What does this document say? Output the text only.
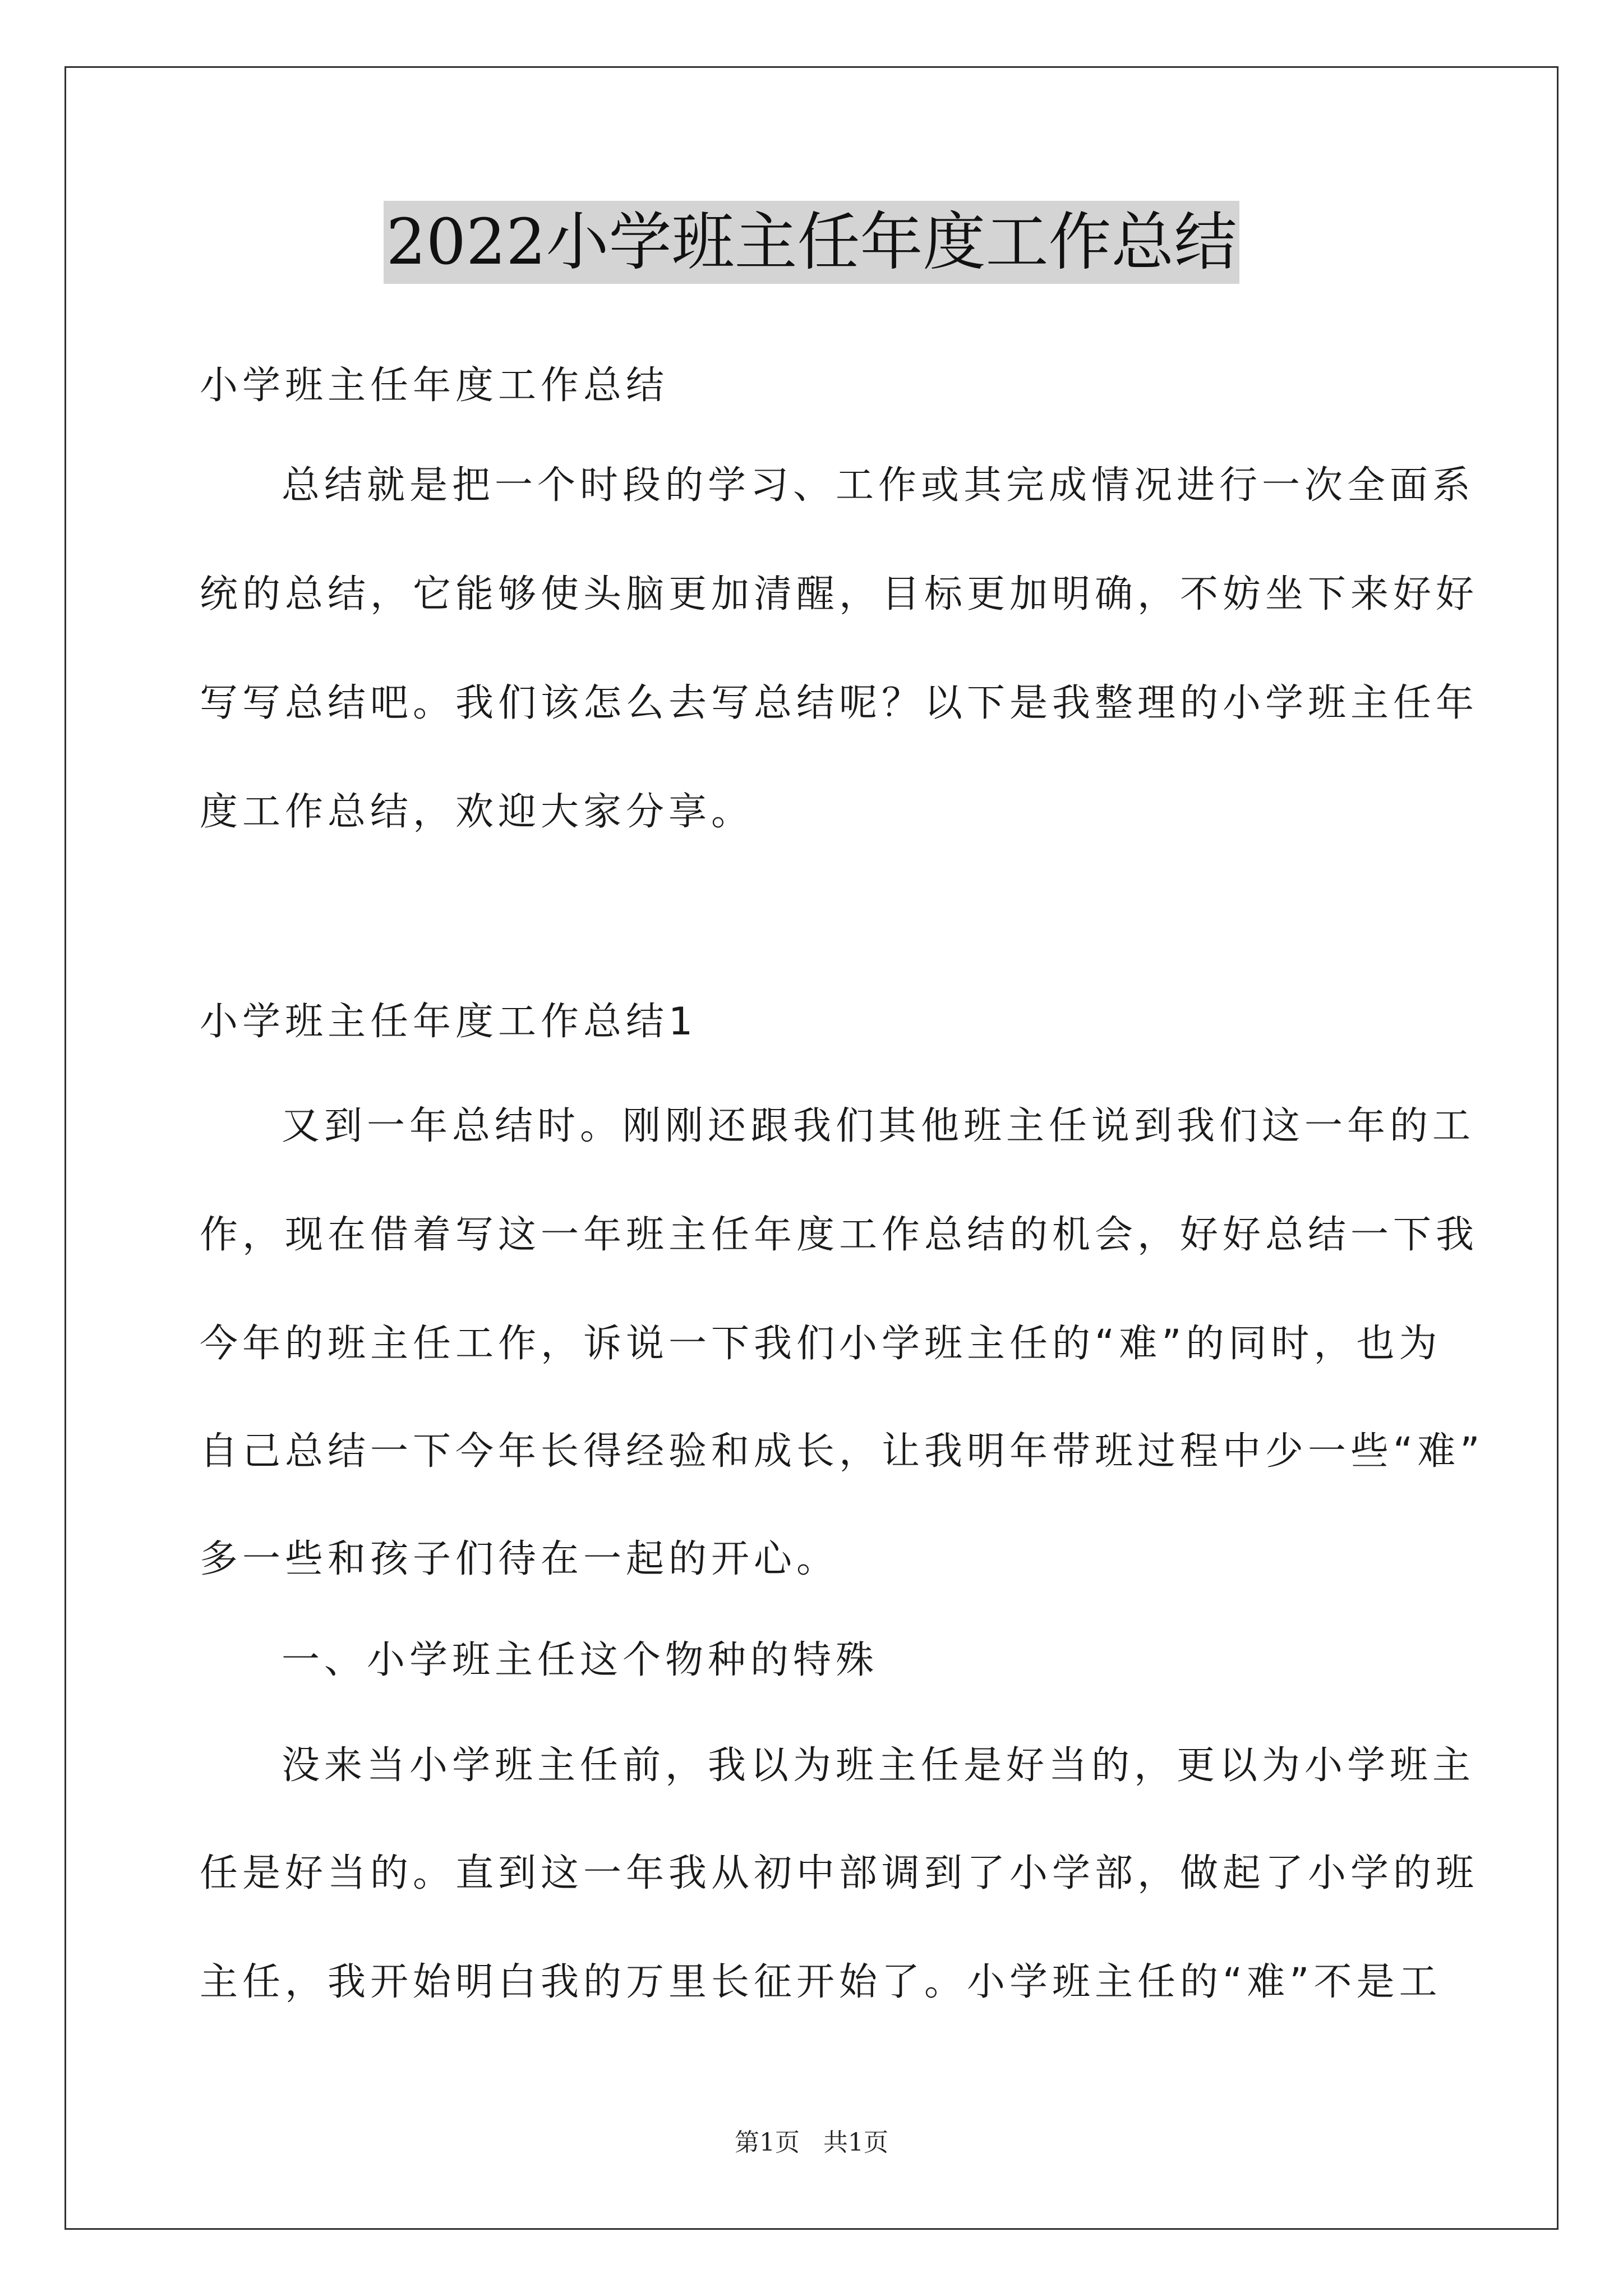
2022小学班主任年度工作总结
小学班主任年度工作总结
总结就是把一个时段的学习、工作或其完成情况进行一次全面系
统的总结，它能够使头脑更加清醒，目标更加明确，不妨坐下来好好
写写总结吧。我们该怎么去写总结呢？以下是我整理的小学班主任年
度工作总结，欢迎大家分享。
小学班主任年度工作总结1
又到一年总结时。刚刚还跟我们其他班主任说到我们这一年的工
作，现在借着写这一年班主任年度工作总结的机会，好好总结一下我
今年的班主任工作，诉说一下我们小学班主任的“难”的同时，也为
自己总结一下今年长得经验和成长，让我明年带班过程中少一些“难”
多一些和孩子们待在一起的开心。
一、小学班主任这个物种的特殊
没来当小学班主任前，我以为班主任是好当的，更以为小学班主
任是好当的。直到这一年我从初中部调到了小学部，做起了小学的班
主任，我开始明白我的万里长征开始了。小学班主任的“难”不是工
第1页 共1页
